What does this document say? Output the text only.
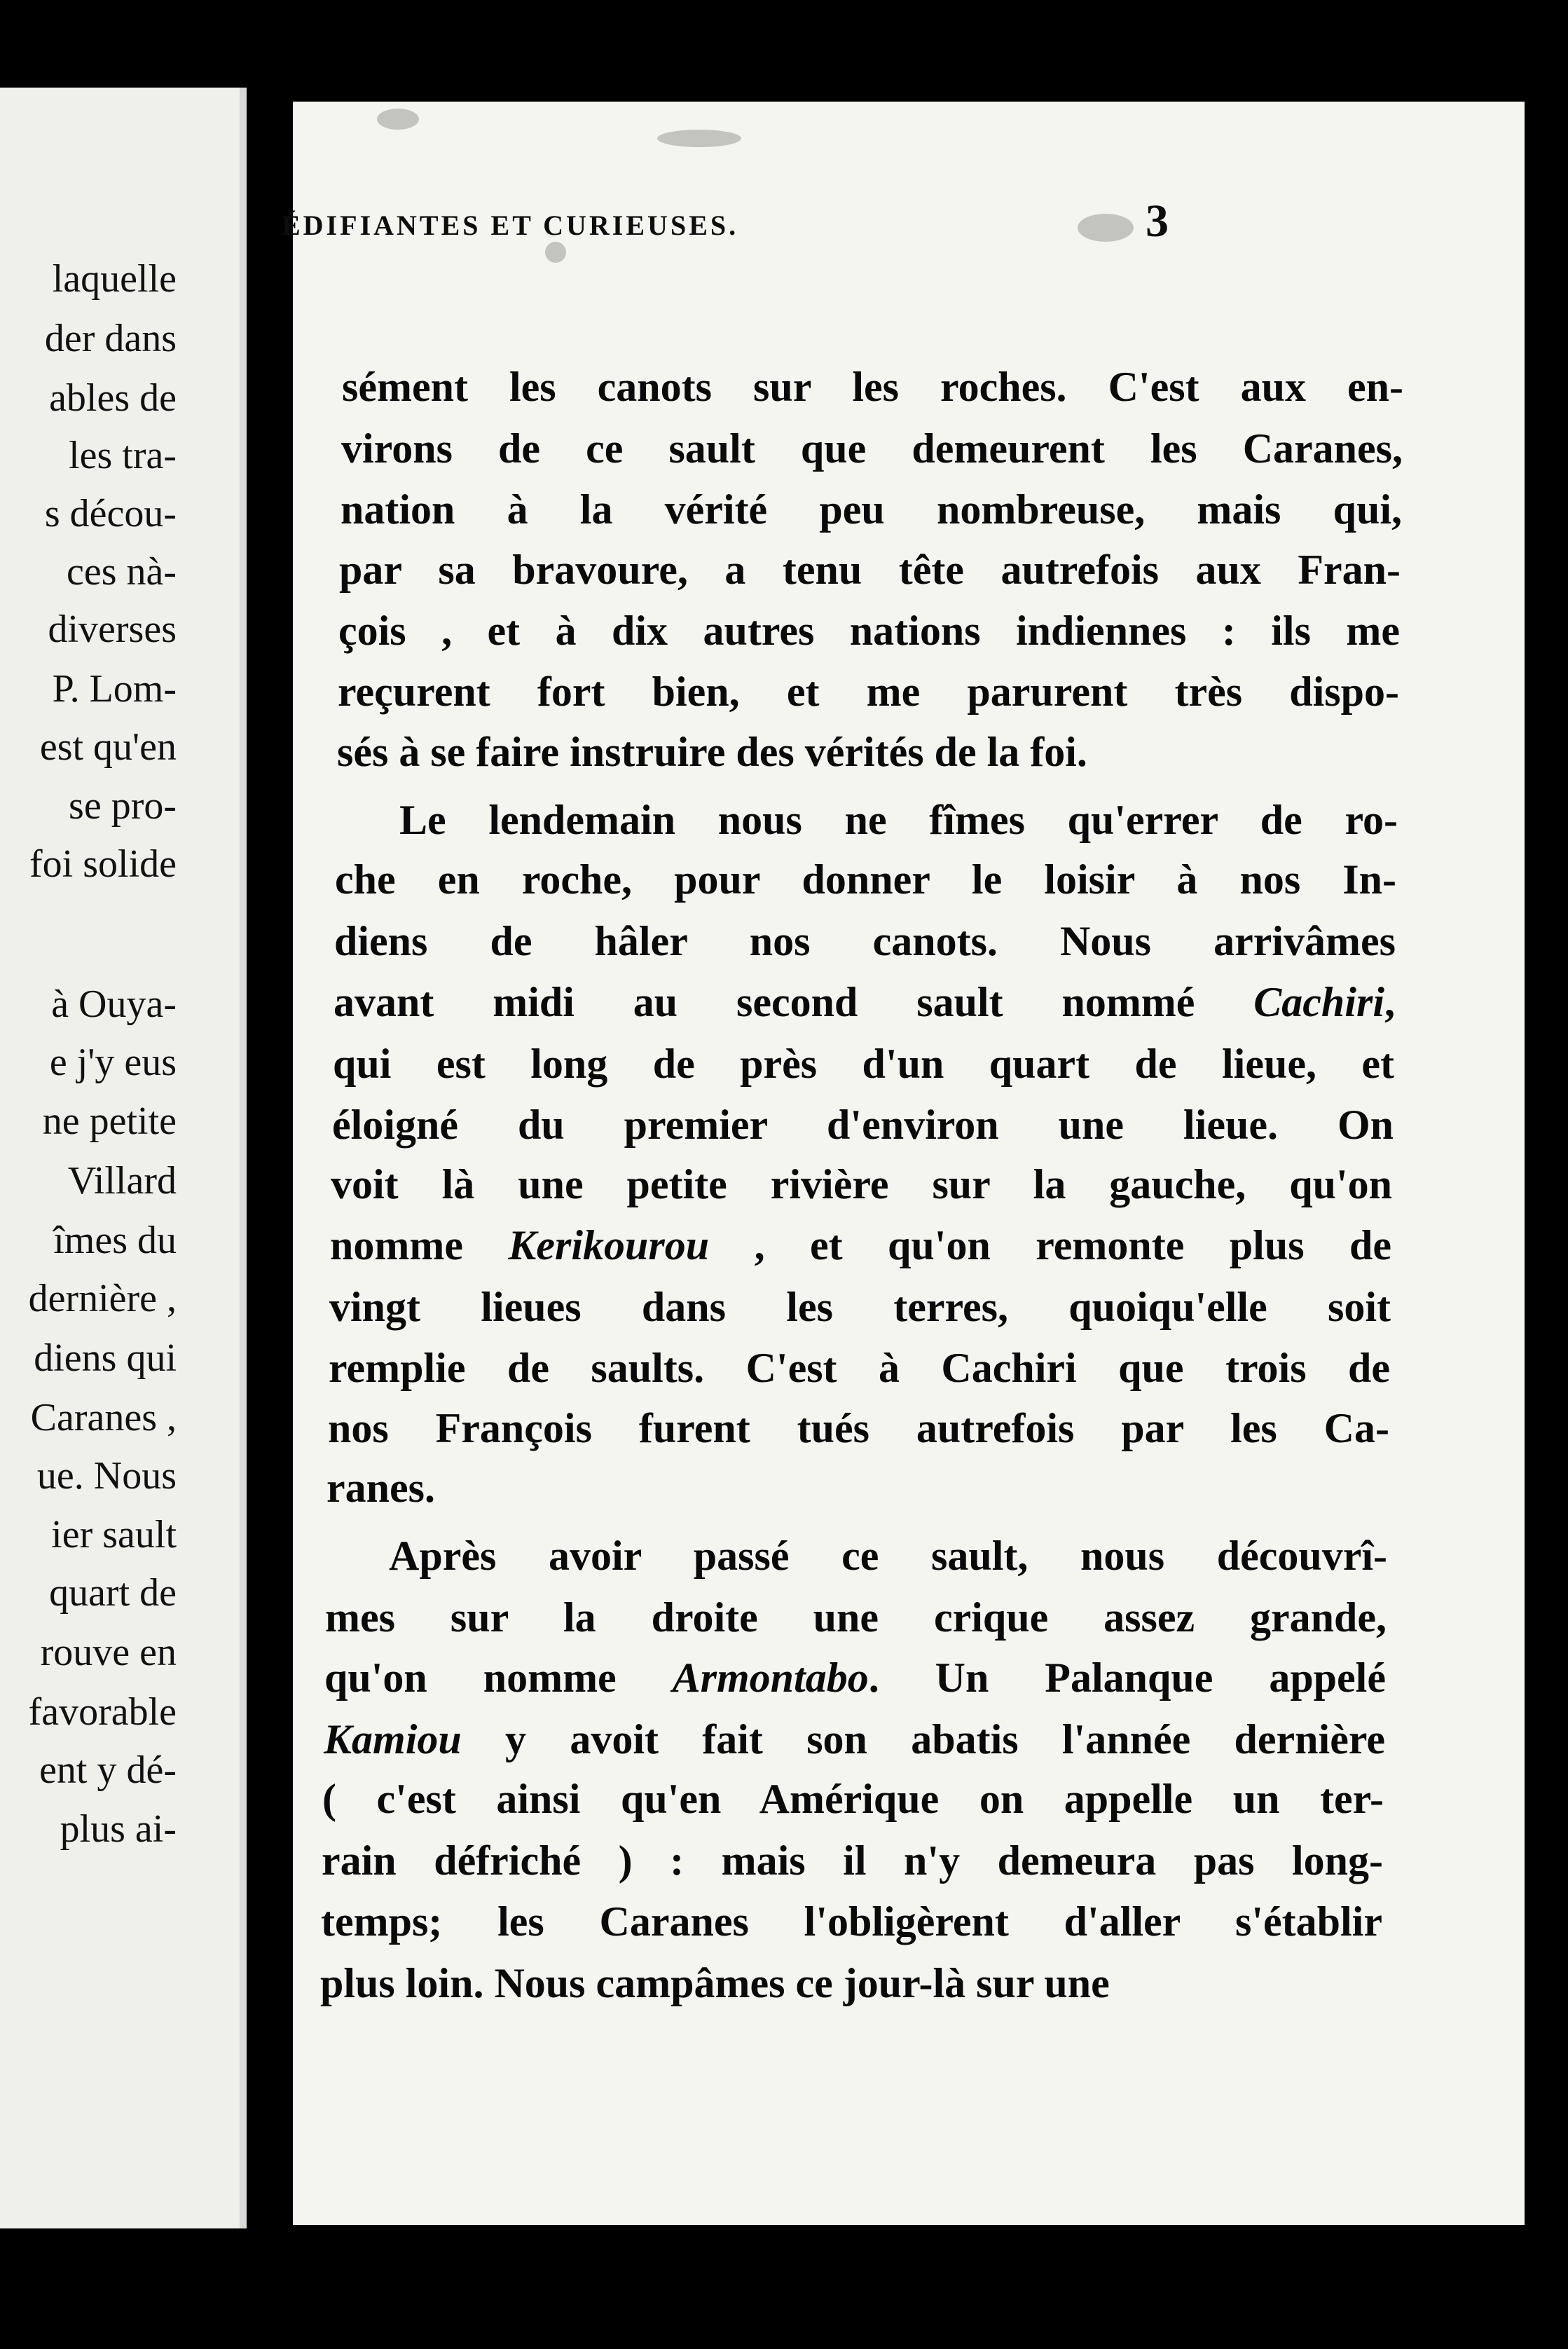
laquelle
der dans
ables de
les tra-
s décou-
ces nà-
diverses
P. Lom-
est qu'en
se pro-
foi solide
à Ouya-
e j'y eus
ne petite
Villard
îmes du
dernière ,
diens qui
Caranes ,
ue. Nous
ier sault
quart de
rouve en
favorable
ent y dé-
plus ai-
sément les canots sur les roches. C'est aux en-
virons de ce sault que demeurent les Caranes,
nation à la vérité peu nombreuse, mais qui,
par sa bravoure, a tenu tête autrefois aux Fran-
çois , et à dix autres nations indiennes : ils me
reçurent fort bien, et me parurent très dispo-
sés à se faire instruire des vérités de la foi.
Le lendemain nous ne fîmes qu'errer de ro-
che en roche, pour donner le loisir à nos In-
diens de hâler nos canots. Nous arrivâmes
avant midi au second sault nommé Cachiri,
qui est long de près d'un quart de lieue, et
éloigné du premier d'environ une lieue. On
voit là une petite rivière sur la gauche, qu'on
nomme Kerikourou , et qu'on remonte plus de
vingt lieues dans les terres, quoiqu'elle soit
remplie de saults. C'est à Cachiri que trois de
nos François furent tués autrefois par les Ca-
ranes.
Après avoir passé ce sault, nous découvrî-
mes sur la droite une crique assez grande,
qu'on nomme Armontabo. Un Palanque appelé
Kamiou y avoit fait son abatis l'année dernière
( c'est ainsi qu'en Amérique on appelle un ter-
rain défriché ) : mais il n'y demeura pas long-
temps; les Caranes l'obligèrent d'aller s'établir
plus loin. Nous campâmes ce jour-là sur une
ÉDIFIANTES ET CURIEUSES.	3
